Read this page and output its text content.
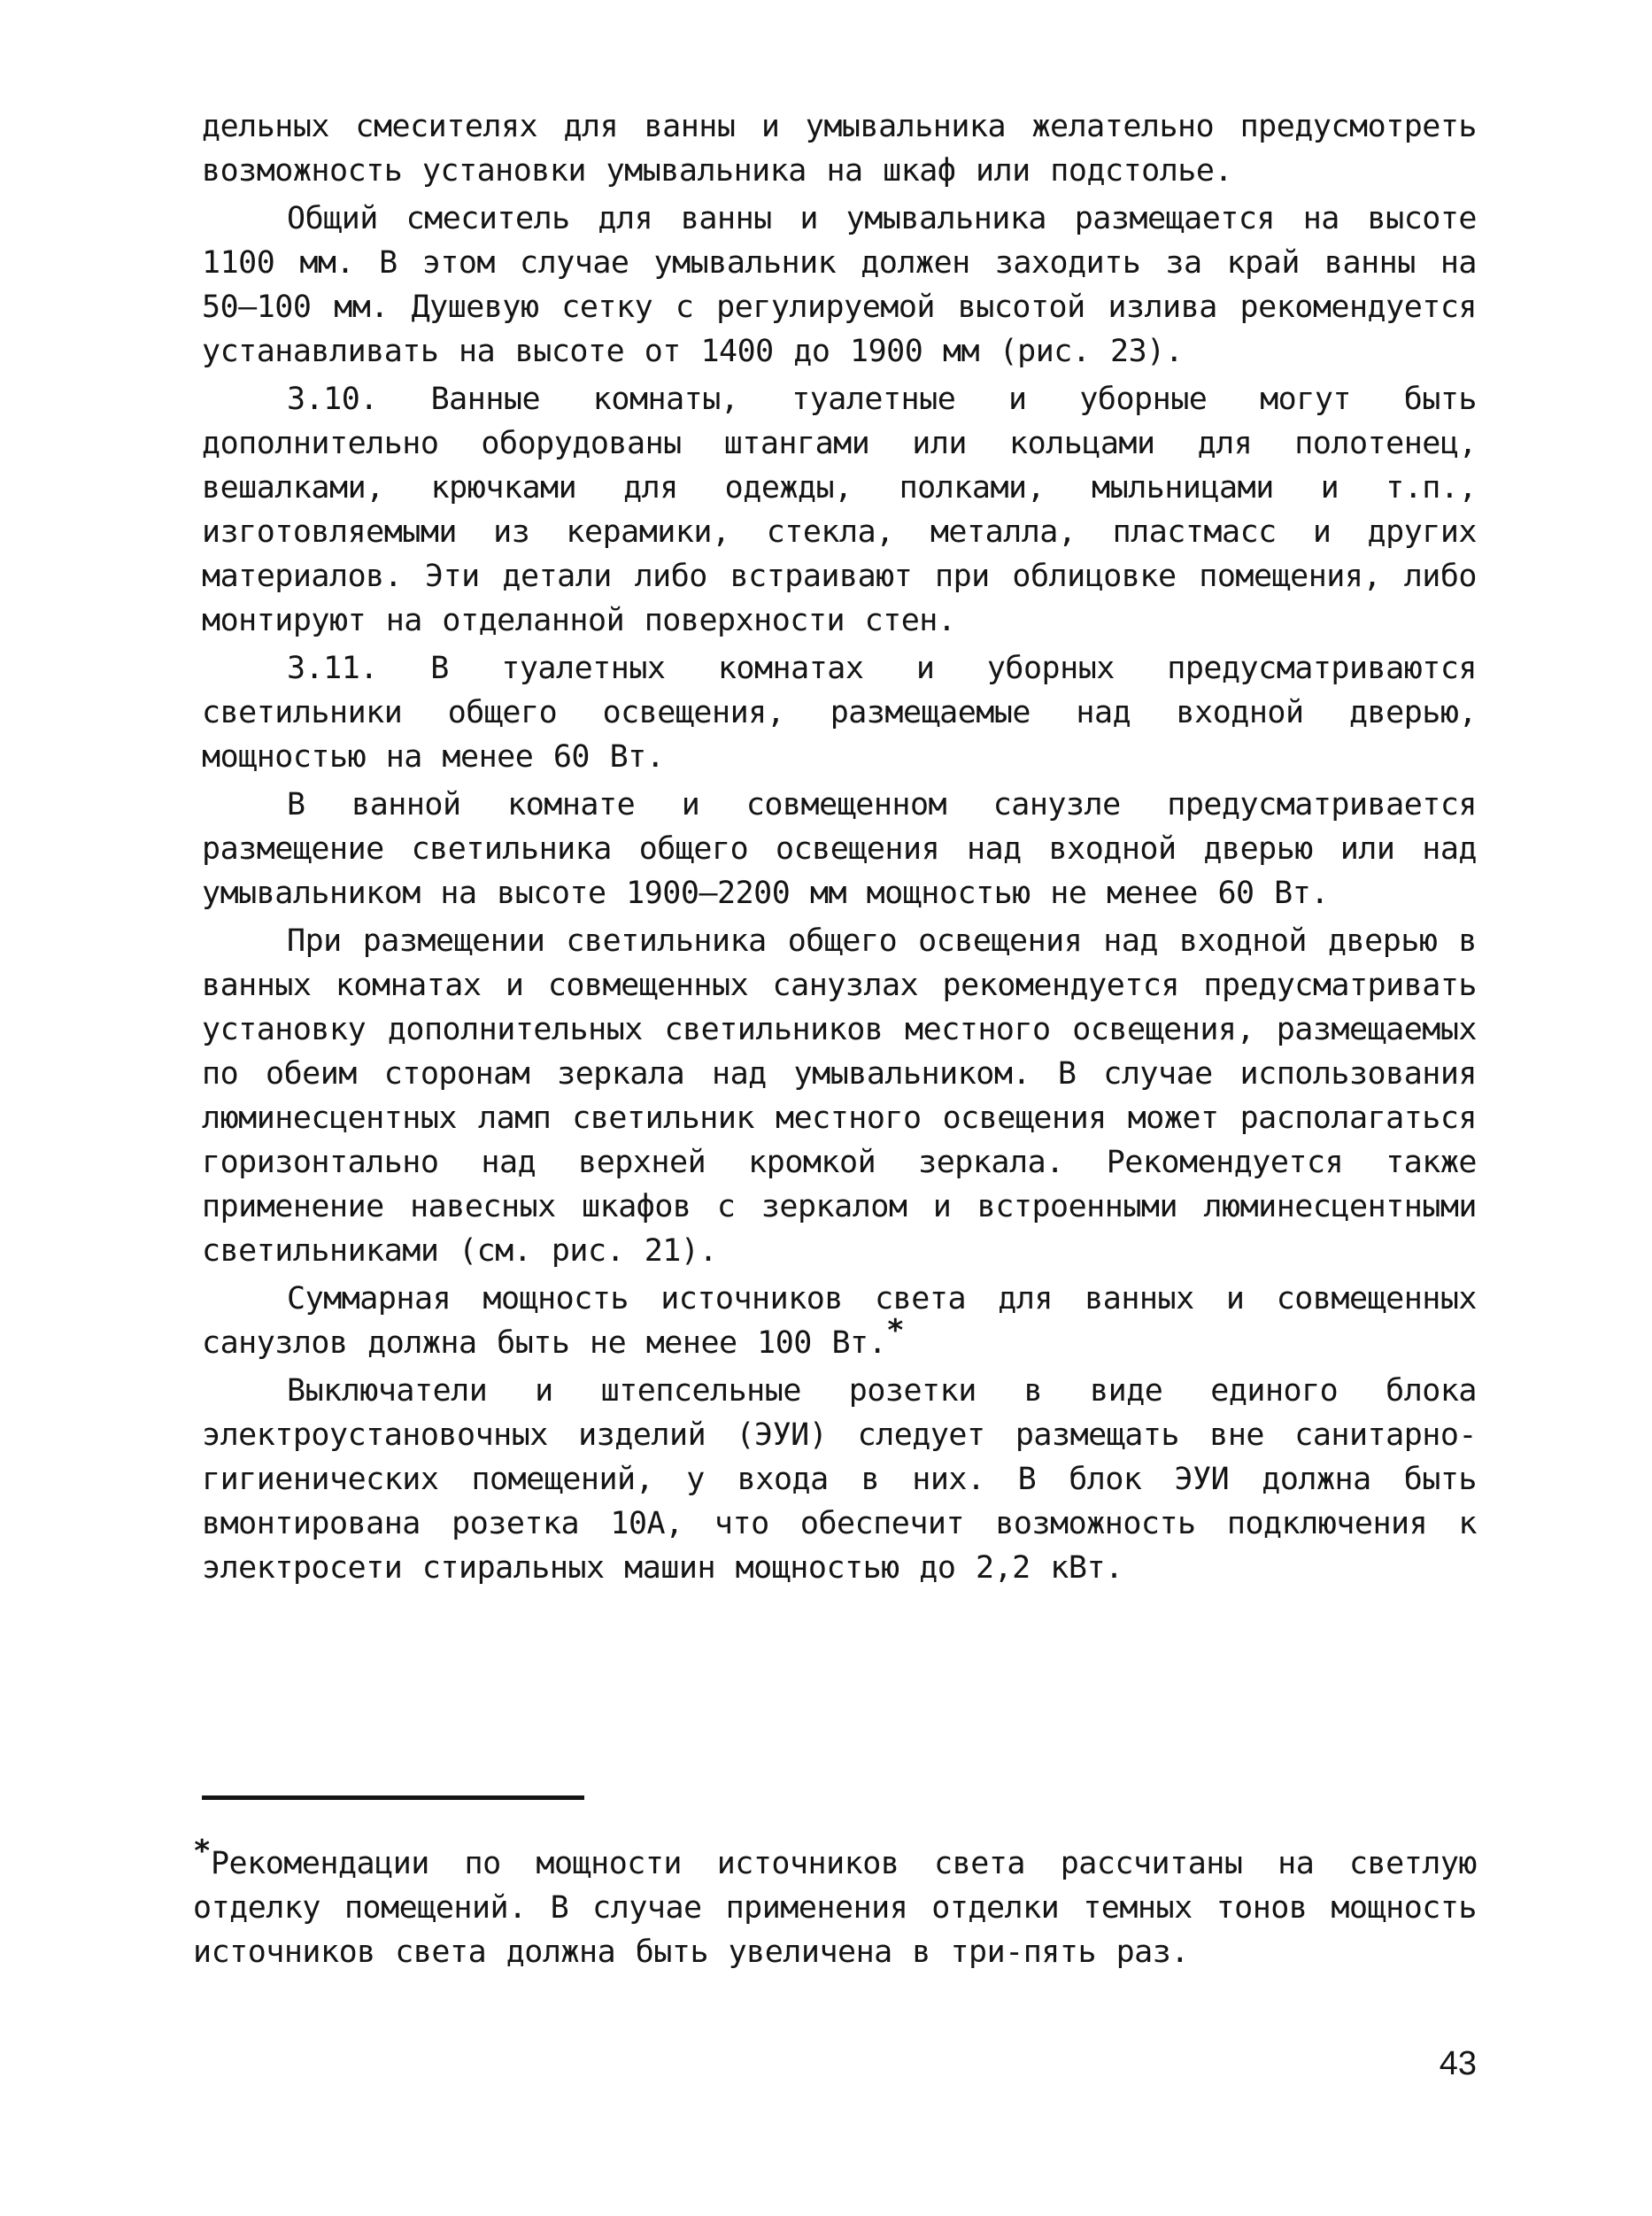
дельных смесителях для ванны и умывальника желательно предусмотреть возможность установки умывальника на шкаф или подстолье.

Общий смеситель для ванны и умывальника размещается на высоте 1100 мм. В этом случае умывальник должен заходить за край ванны на 50–100 мм. Душевую сетку с регулируемой высотой излива рекомендуется устанавливать на высоте от 1400 до 1900 мм (рис. 23).

3.10. Ванные комнаты, туалетные и уборные могут быть дополнительно оборудованы штангами или кольцами для полотенец, вешалками, крючками для одежды, полками, мыльницами и т.п., изготовляемыми из керамики, стекла, металла, пластмасс и других материалов. Эти детали либо встраивают при облицовке помещения, либо монтируют на отделанной поверхности стен.

3.11. В туалетных комнатах и уборных предусматриваются светильники общего освещения, размещаемые над входной дверью, мощностью на менее 60 Вт.

В ванной комнате и совмещенном санузле предусматривается размещение светильника общего освещения над входной дверью или над умывальником на высоте 1900–2200 мм мощностью не менее 60 Вт.

При размещении светильника общего освещения над входной дверью в ванных комнатах и совмещенных санузлах рекомендуется предусматривать установку дополнительных светильников местного освещения, размещаемых по обеим сторонам зеркала над умывальником. В случае использования люминесцентных ламп светильник местного освещения может располагаться горизонтально над верхней кромкой зеркала. Рекомендуется также применение навесных шкафов с зеркалом и встроенными люминесцентными светильниками (см. рис. 21).

Суммарная мощность источников света для ванных и совмещенных санузлов должна быть не менее 100 Вт.*

Выключатели и штепсельные розетки в виде единого блока электроустановочных изделий (ЭУИ) следует размещать вне санитарно-гигиенических помещений, у входа в них. В блок ЭУИ должна быть вмонтирована розетка 10А, что обеспечит возможность подключения к электросети стиральных машин мощностью до 2,2 кВт.

*Рекомендации по мощности источников света рассчитаны на светлую отделку помещений. В случае применения отделки темных тонов мощность источников света должна быть увеличена в три-пять раз.
43
